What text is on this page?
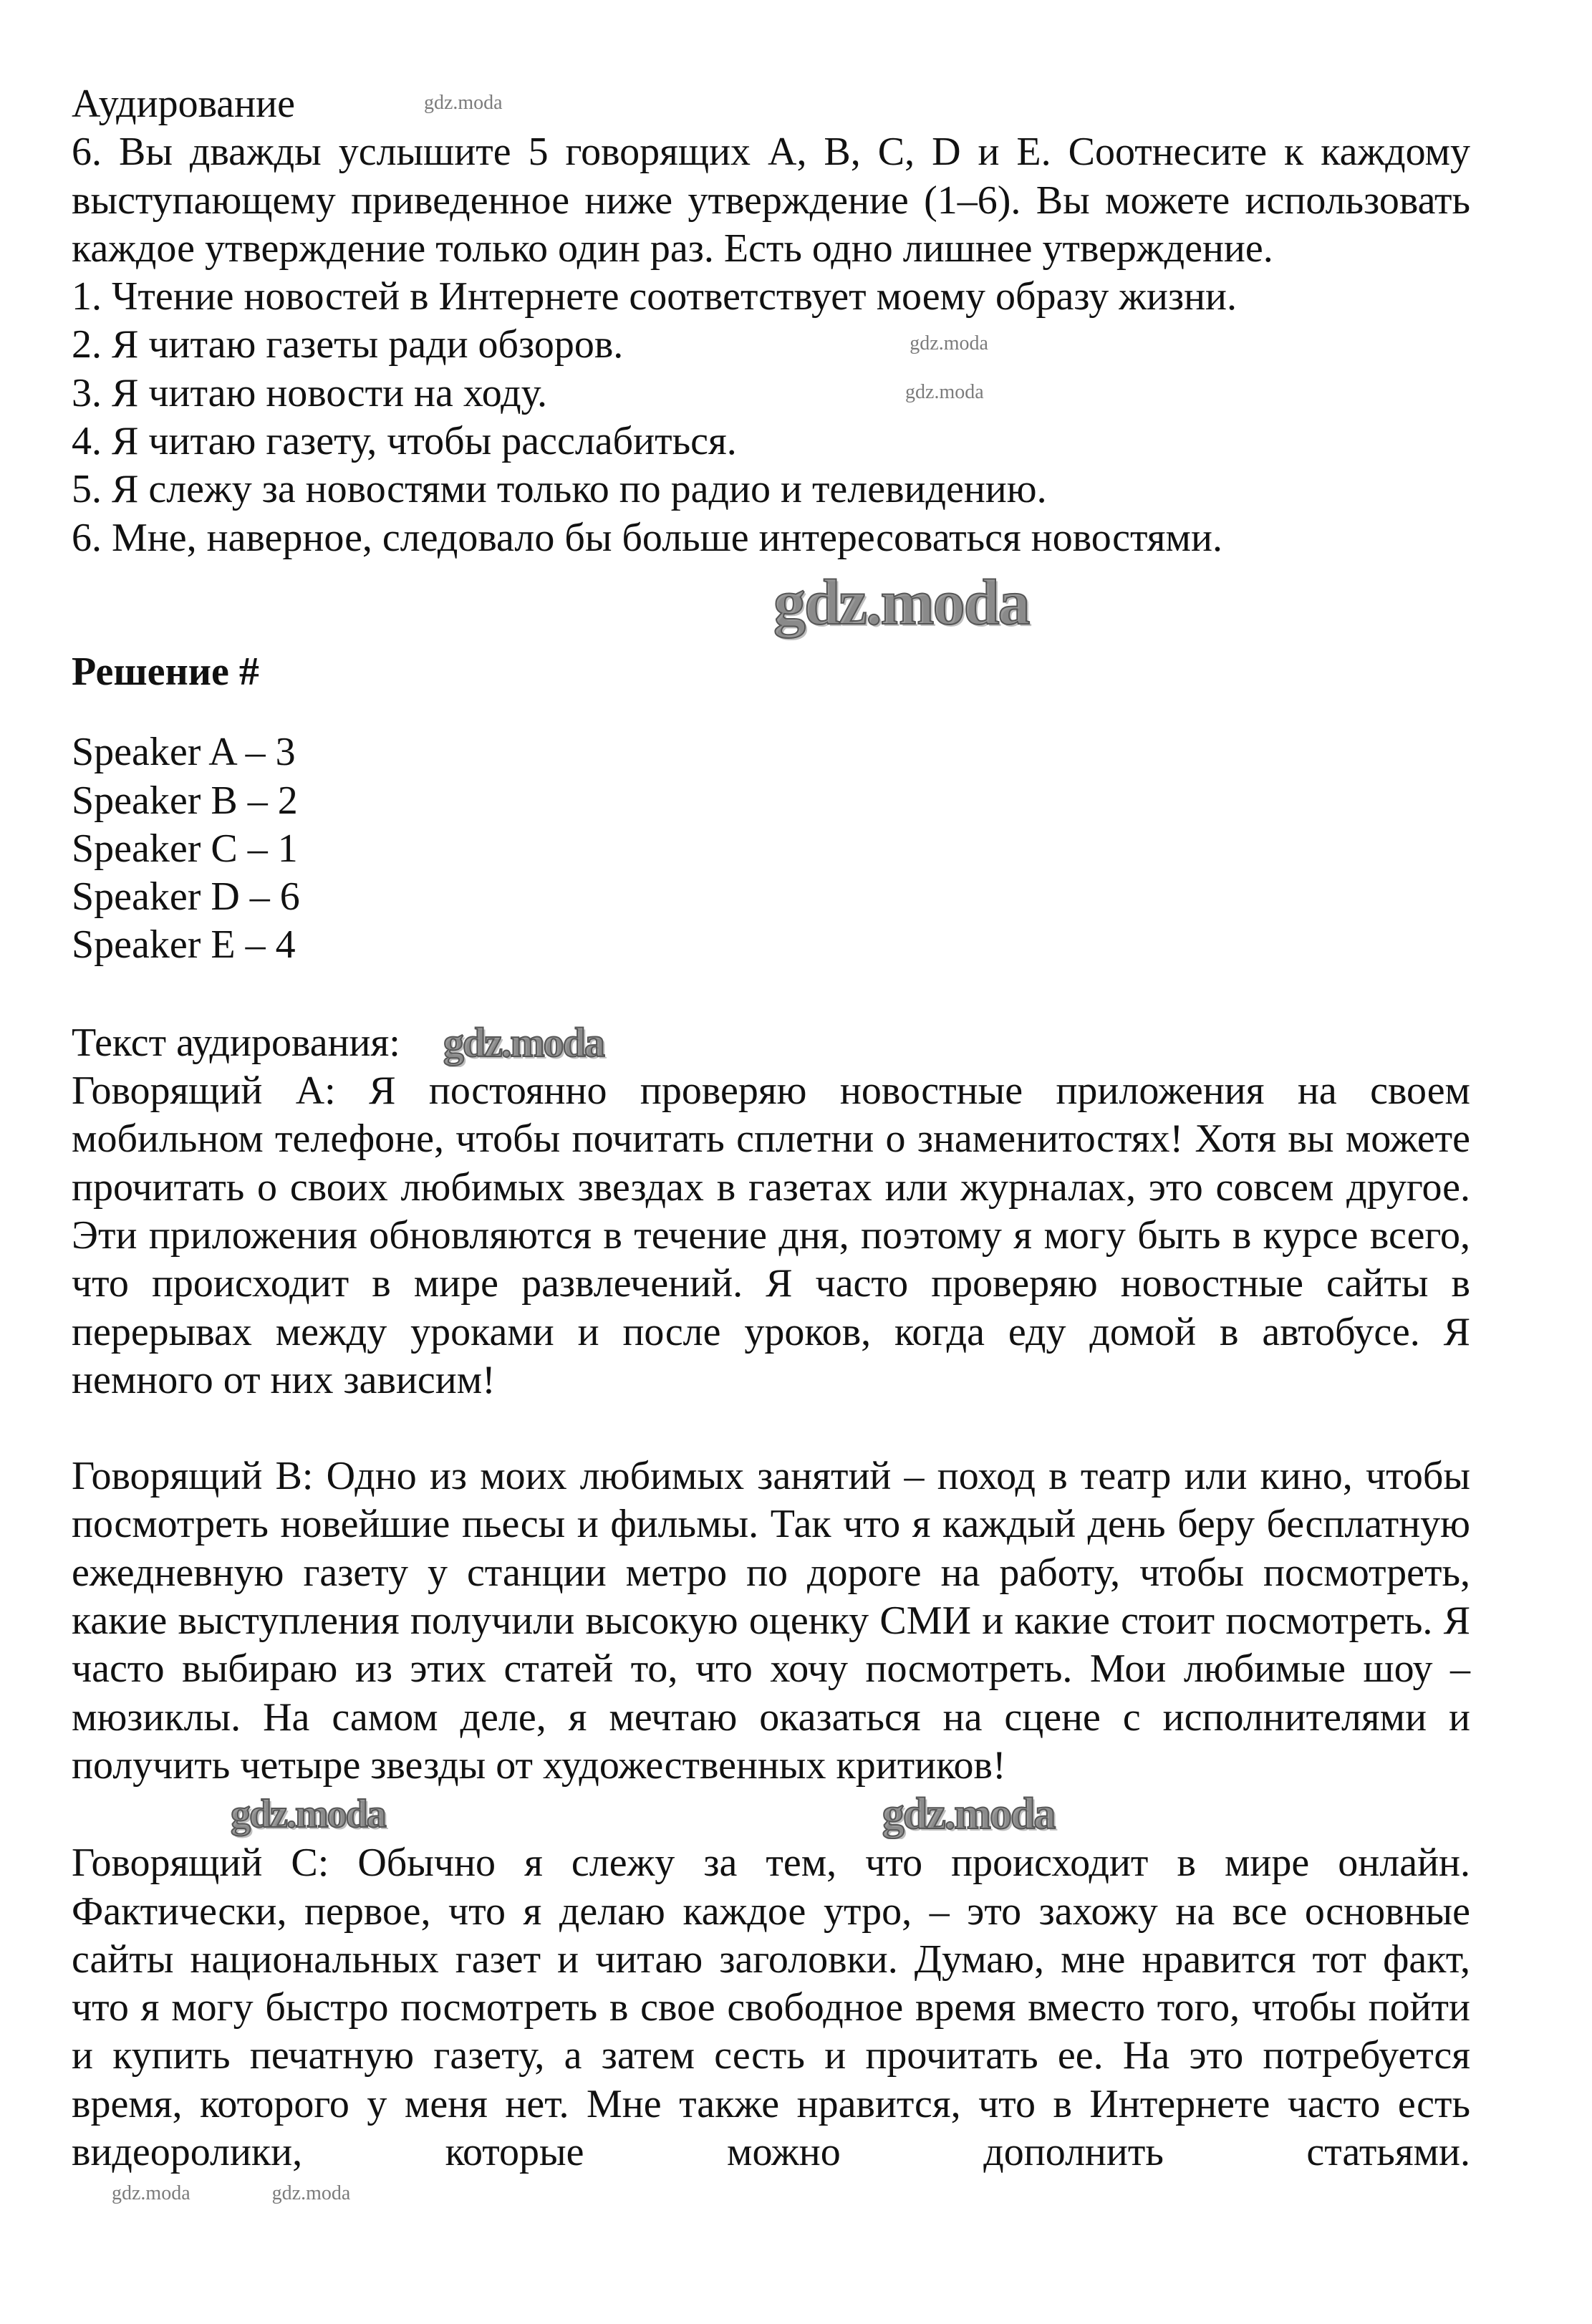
Аудирование	gdz.moda

6. Вы дважды услышите 5 говорящих A, B, C, D и E. Соотнесите к каждому выступающему приведенное ниже утверждение (1–6). Вы можете использовать каждое утверждение только один раз. Есть одно лишнее утверждение.

1. Чтение новостей в Интернете соответствует моему образу жизни.
2. Я читаю газеты ради обзоров.	gdz.moda
3. Я читаю новости на ходу.	gdz.moda
4. Я читаю газету, чтобы расслабиться.
5. Я слежу за новостями только по радио и телевидению.
6. Мне, наверное, следовало бы больше интересоваться новостями.
gdz.moda

Решение #

Speaker A – 3
Speaker B – 2
Speaker C – 1
Speaker D – 6
Speaker E – 4

Текст аудирования: gdz.moda

Говорящий A: Я постоянно проверяю новостные приложения на своем мобильном телефоне, чтобы почитать сплетни о знаменитостях! Хотя вы можете прочитать о своих любимых звездах в газетах или журналах, это совсем другое. Эти приложения обновляются в течение дня, поэтому я могу быть в курсе всего, что происходит в мире развлечений. Я часто проверяю новостные сайты в перерывах между уроками и после уроков, когда еду домой в автобусе. Я немного от них зависим!

Говорящий B: Одно из моих любимых занятий – поход в театр или кино, чтобы посмотреть новейшие пьесы и фильмы. Так что я каждый день беру бесплатную ежедневную газету у станции метро по дороге на работу, чтобы посмотреть, какие выступления получили высокую оценку СМИ и какие стоит посмотреть. Я часто выбираю из этих статей то, что хочу посмотреть. Мои любимые шоу – мюзиклы. На самом деле, я мечтаю оказаться на сцене с исполнителями и получить четыре звезды от художественных критиков!

gdz.moda	gdz.moda

Говорящий C: Обычно я слежу за тем, что происходит в мире онлайн. Фактически, первое, что я делаю каждое утро, – это захожу на все основные сайты национальных газет и читаю заголовки. Думаю, мне нравится тот факт, что я могу быстро посмотреть в свое свободное время вместо того, чтобы пойти и купить печатную газету, а затем сесть и прочитать ее. На это потребуется время, которого у меня нет. Мне также нравится, что в Интернете часто есть видеоролики, которые можно дополнить статьями.

gdz.moda	gdz.moda
